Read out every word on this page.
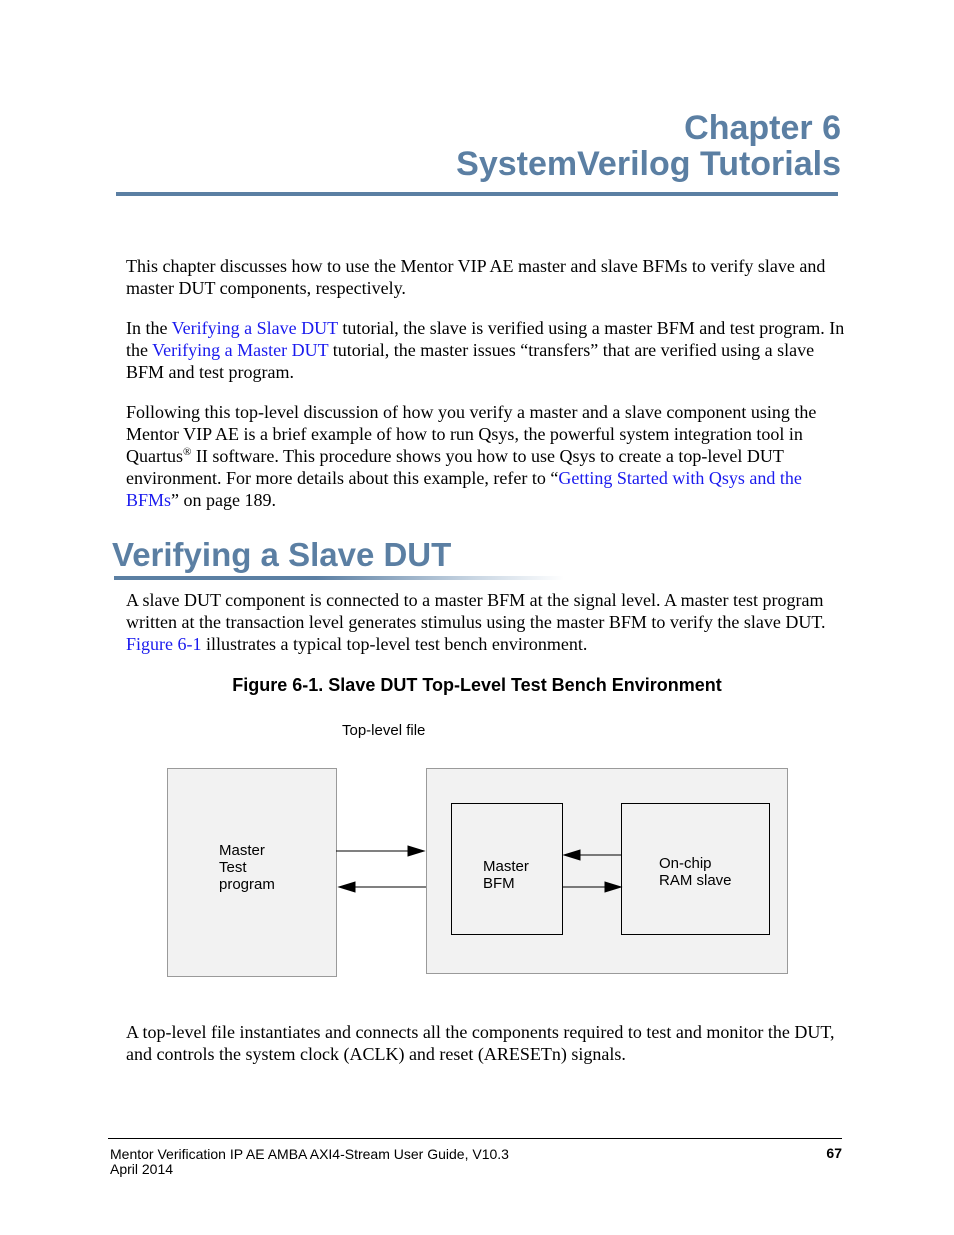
Chapter 6
SystemVerilog Tutorials
This chapter discusses how to use the Mentor VIP AE master and slave BFMs to verify slave and master DUT components, respectively.
In the Verifying a Slave DUT tutorial, the slave is verified using a master BFM and test program. In the Verifying a Master DUT tutorial, the master issues “transfers” that are verified using a slave BFM and test program.
Following this top-level discussion of how you verify a master and a slave component using the Mentor VIP AE is a brief example of how to run Qsys, the powerful system integration tool in Quartus® II software. This procedure shows you how to use Qsys to create a top-level DUT environment. For more details about this example, refer to “Getting Started with Qsys and the BFMs” on page 189.
Verifying a Slave DUT
A slave DUT component is connected to a master BFM at the signal level. A master test program written at the transaction level generates stimulus using the master BFM to verify the slave DUT. Figure 6-1 illustrates a typical top-level test bench environment.
Figure 6-1. Slave DUT Top-Level Test Bench Environment
Top-level file
Master
Test
program
Master
BFM
On-chip
RAM slave
A top-level file instantiates and connects all the components required to test and monitor the DUT, and controls the system clock (ACLK) and reset (ARESETn) signals.
Mentor Verification IP AE AMBA AXI4-Stream User Guide, V10.3
April 2014
67
